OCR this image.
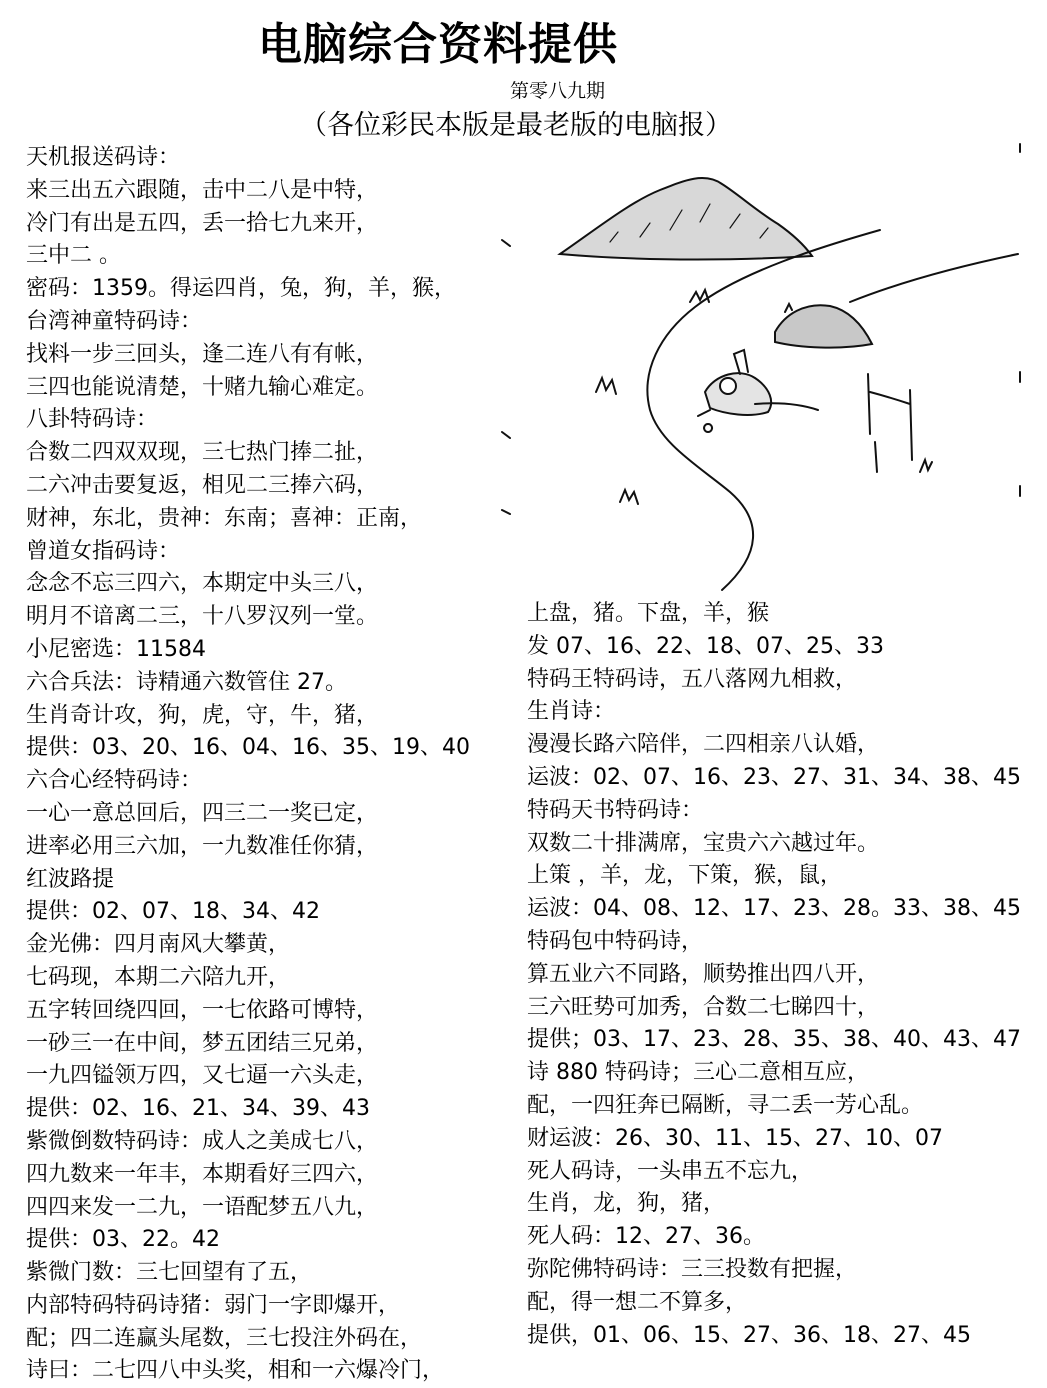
电脑综合资料提供
第零八九期
（各位彩民本版是最老版的电脑报）
天机报送码诗：
来三出五六跟随，击中二八是中特，
冷门有出是五四，丢一拾七九来开，
三中二 。
密码：1359。得运四肖，兔，狗，羊，猴，
台湾神童特码诗：
找料一步三回头，逢二连八有有帐，
三四也能说清楚，十赌九输心难定。
八卦特码诗：
合数二四双双现，三七热门捧二扯，
二六冲击要复返，相见二三捧六码，
财神，东北，贵神：东南；喜神：正南，
曾道女指码诗：
念念不忘三四六，本期定中头三八，
明月不谙离二三，十八罗汉列一堂。
小尼密选：11584
六合兵法：诗精通六数管住 27。
生肖奇计攻，狗，虎，守，牛，猪，
提供：03、20、16、04、16、35、19、40
六合心经特码诗：
一心一意总回后，四三二一奖已定，
进率必用三六加，一九数准任你猜，
红波路提
提供：02、07、18、34、42
金光佛：四月南风大攀黄，
七码现，本期二六陪九开，
五字转回绕四回，一七依路可博特，
一砂三一在中间，梦五团结三兄弟，
一九四镒领万四，又七逼一六头走，
提供：02、16、21、34、39、43
紫微倒数特码诗：成人之美成七八，
四九数来一年丰，本期看好三四六，
四四来发一二九，一语配梦五八九，
提供：03、22。42
紫微门数：三七回望有了五，
内部特码特码诗猪：弱门一字即爆开，
配；四二连赢头尾数，三七投注外码在，
诗曰：二七四八中头奖，相和一六爆冷门，
上盘，猪。下盘，羊，猴
发 07、16、22、18、07、25、33
特码王特码诗，五八落网九相救，
生肖诗：
漫漫长路六陪伴，二四相亲八认婚，
运波：02、07、16、23、27、31、34、38、45
特码天书特码诗：
双数二十排满席，宝贵六六越过年。
上策 ，羊，龙，下策，猴，鼠，
运波：04、08、12、17、23、28。33、38、45
特码包中特码诗，
算五业六不同路，顺势推出四八开，
三六旺势可加秀，合数二七睇四十，
提供；03、17、23、28、35、38、40、43、47
诗 880 特码诗；三心二意相互应，
配，一四狂奔已隔断，寻二丢一芳心乱。
财运波：26、30、11、15、27、10、07
死人码诗，一头串五不忘九，
生肖，龙，狗，猪，
死人码：12、27、36。
弥陀佛特码诗：三三投数有把握，
配，得一想二不算多，
提供，01、06、15、27、36、18、27、45
